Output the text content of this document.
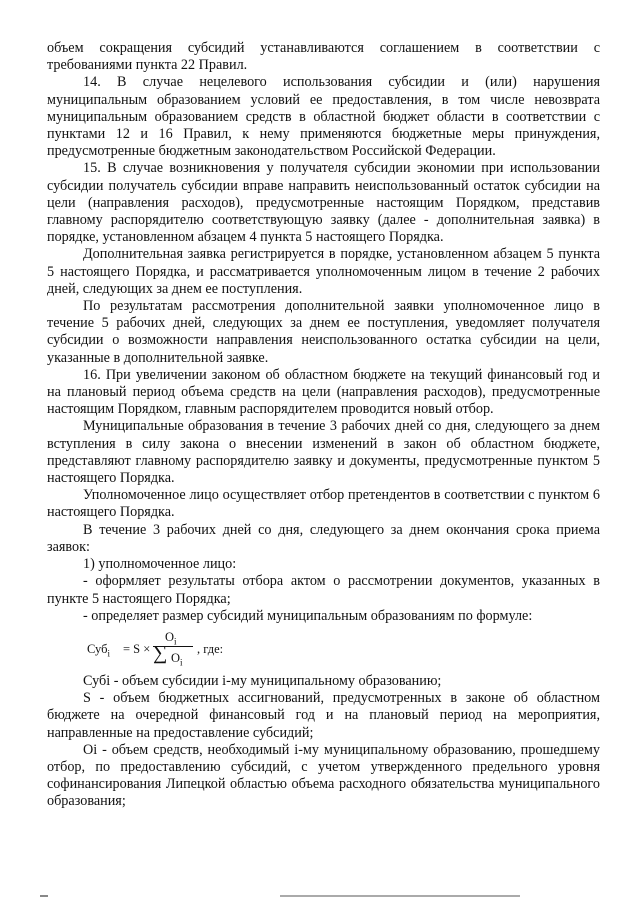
объем сокращения субсидий устанавливаются соглашением в соответствии с требованиями пункта 22 Правил.

14. В случае нецелевого использования субсидии и (или) нарушения муниципальным образованием условий ее предоставления, в том числе невозврата муниципальным образованием средств в областной бюджет области в соответствии с пунктами 12 и 16 Правил, к нему применяются бюджетные меры принуждения, предусмотренные бюджетным законодательством Российской Федерации.

15. В случае возникновения у получателя субсидии экономии при использовании субсидии получатель субсидии вправе направить неиспользованный остаток субсидии на цели (направления расходов), предусмотренные настоящим Порядком, представив главному распорядителю соответствующую заявку (далее - дополнительная заявка) в порядке, установленном абзацем 4 пункта 5 настоящего Порядка.

Дополнительная заявка регистрируется в порядке, установленном абзацем 5 пункта 5 настоящего Порядка, и рассматривается уполномоченным лицом в течение 2 рабочих дней, следующих за днем ее поступления.

По результатам рассмотрения дополнительной заявки уполномоченное лицо в течение 5 рабочих дней, следующих за днем ее поступления, уведомляет получателя субсидии о возможности направления неиспользованного остатка субсидии на цели, указанные в дополнительной заявке.

16. При увеличении законом об областном бюджете на текущий финансовый год и на плановый период объема средств на цели (направления расходов), предусмотренные настоящим Порядком, главным распорядителем проводится новый отбор.

Муниципальные образования в течение 3 рабочих дней со дня, следующего за днем вступления в силу закона о внесении изменений в закон об областном бюджете, представляют главному распорядителю заявку и документы, предусмотренные пунктом 5 настоящего Порядка.

Уполномоченное лицо осуществляет отбор претендентов в соответствии с пунктом 6 настоящего Порядка.

В течение 3 рабочих дней со дня, следующего за днем окончания срока приема заявок:

1) уполномоченное лицо:

- оформляет результаты отбора актом о рассмотрении документов, указанных в пункте 5 настоящего Порядка;

- определяет размер субсидий муниципальным образованиям по формуле:

Суб$_i$ = S ×
$O_i$
∑ $O_i$
, где:

Субi - объем субсидии i-му муниципальному образованию;

S - объем бюджетных ассигнований, предусмотренных в законе об областном бюджете на очередной финансовый год и на плановый период на мероприятия, направленные на предоставление субсидий;

Oi - объем средств, необходимый i-му муниципальному образованию, прошедшему отбор, по предоставлению субсидий, с учетом утвержденного предельного уровня софинансирования Липецкой областью объема расходного обязательства муниципального образования;
